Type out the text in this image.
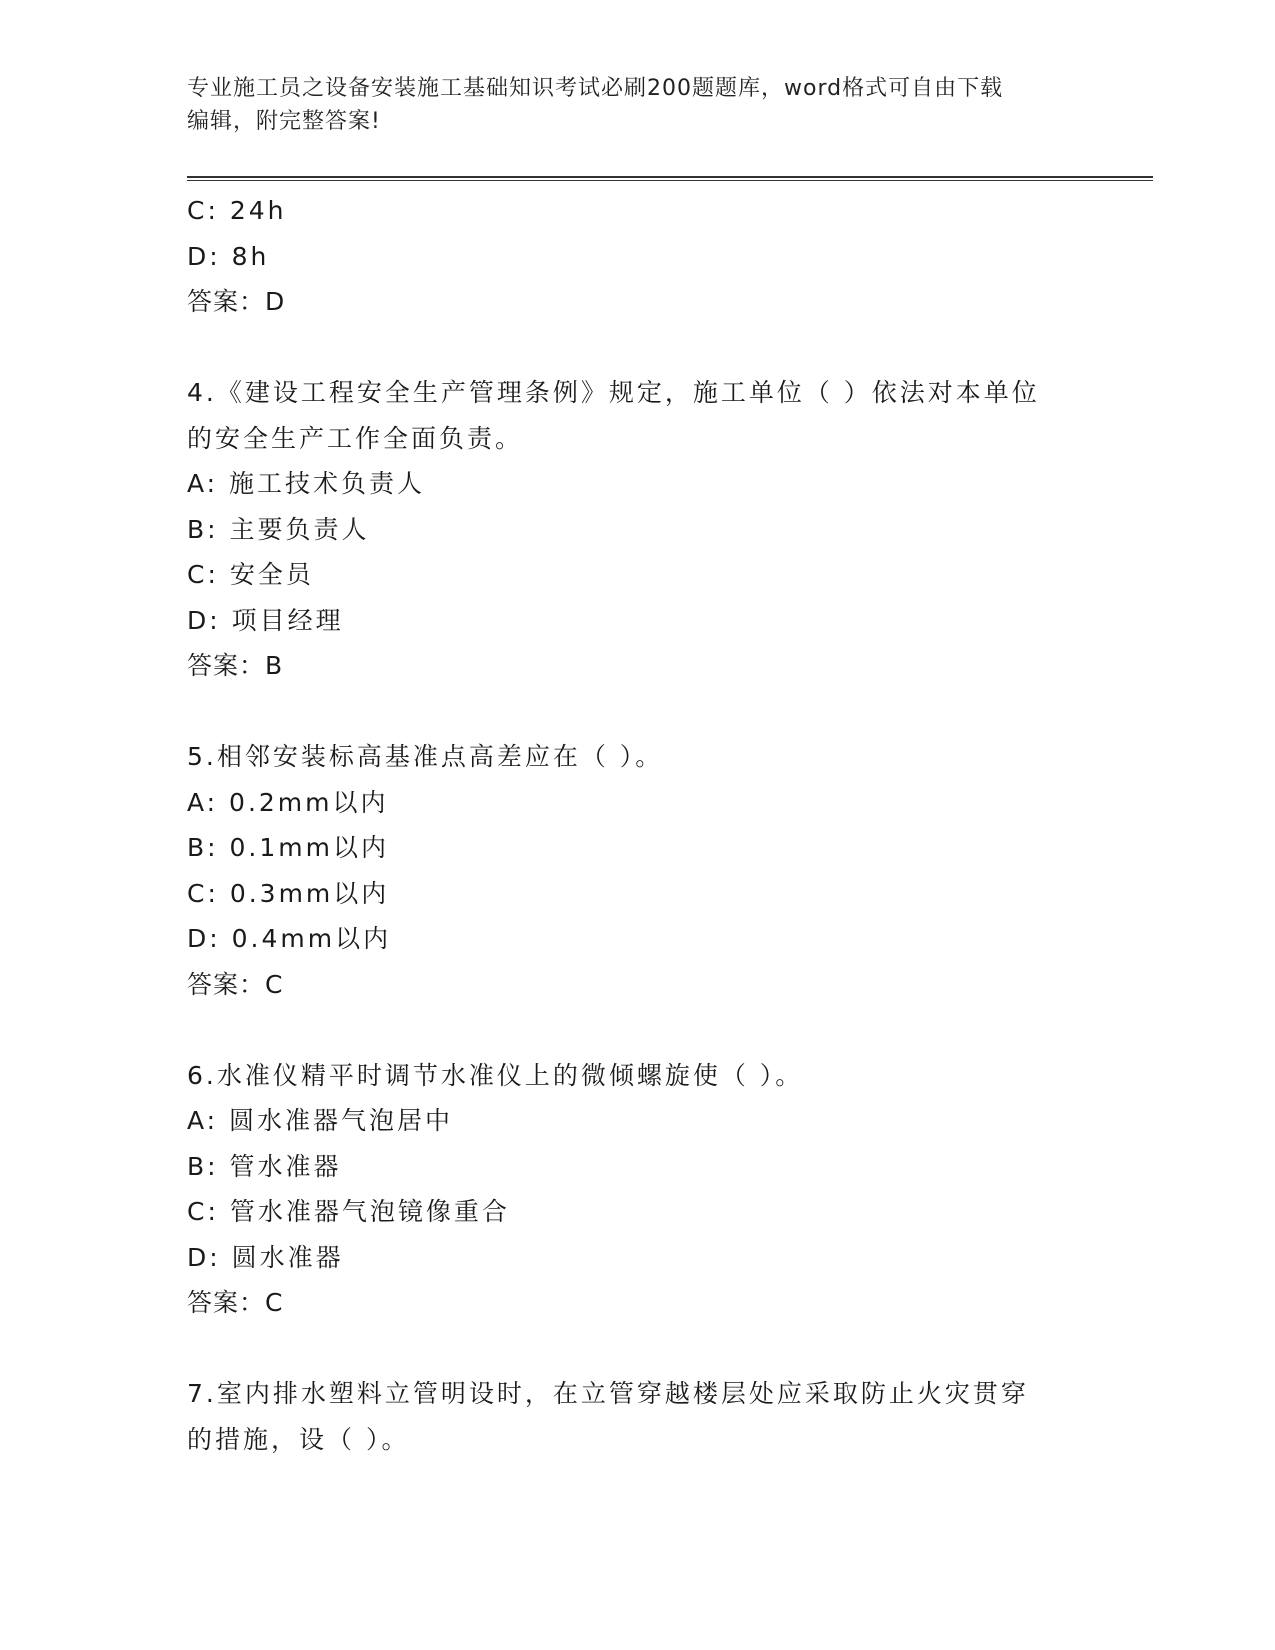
专业施工员之设备安装施工基础知识考试必刷200题题库，word格式可自由下载
编辑，附完整答案!
C: 24h
D: 8h
答案：D
4.《建设工程安全生产管理条例》规定，施工单位（ ）依法对本单位
的安全生产工作全面负责。
A: 施工技术负责人
B: 主要负责人
C: 安全员
D: 项目经理
答案：B
5.相邻安装标高基准点高差应在（ ）。
A: 0.2mm以内
B: 0.1mm以内
C: 0.3mm以内
D: 0.4mm以内
答案：C
6.水准仪精平时调节水准仪上的微倾螺旋使（ ）。
A: 圆水准器气泡居中
B: 管水准器
C: 管水准器气泡镜像重合
D: 圆水准器
答案：C
7.室内排水塑料立管明设时，在立管穿越楼层处应采取防止火灾贯穿
的措施，设（ ）。
